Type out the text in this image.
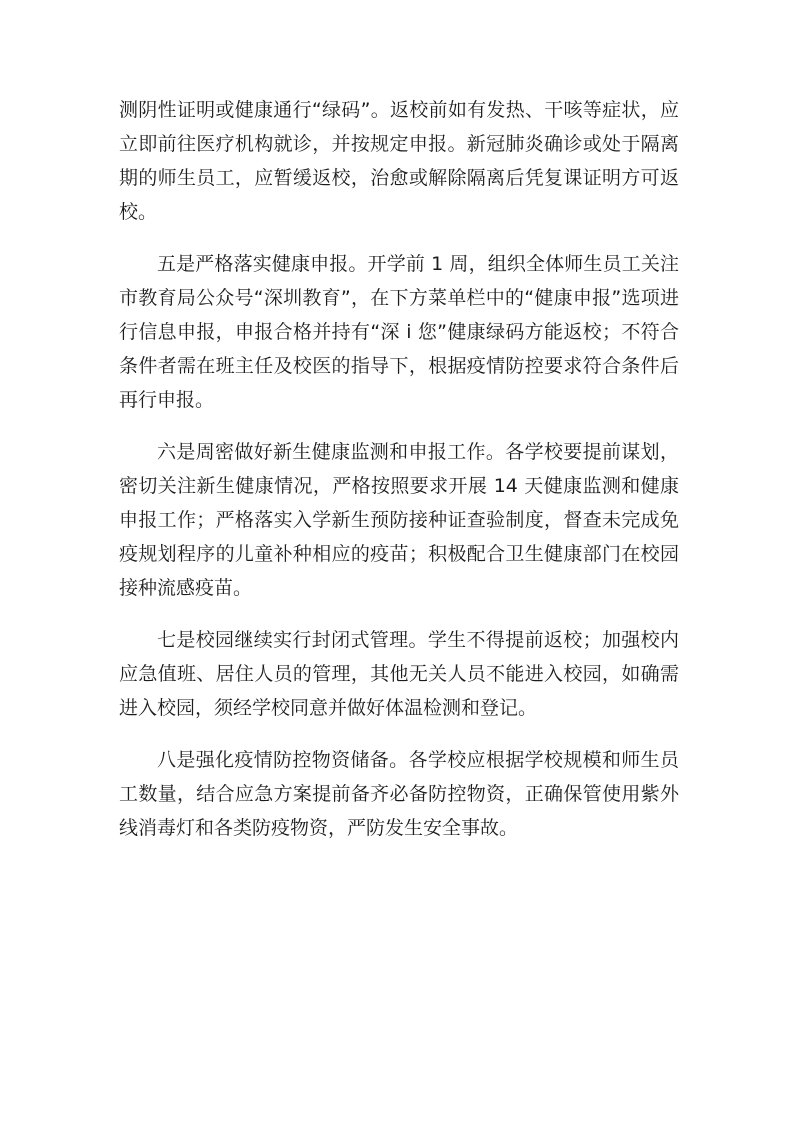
测阴性证明或健康通行“绿码”。返校前如有发热、干咳等症状，应立即前往医疗机构就诊，并按规定申报。新冠肺炎确诊或处于隔离期的师生员工，应暂缓返校，治愈或解除隔离后凭复课证明方可返校。

五是严格落实健康申报。开学前 1 周，组织全体师生员工关注市教育局公众号“深圳教育”，在下方菜单栏中的“健康申报”选项进行信息申报，申报合格并持有“深 i 您”健康绿码方能返校；不符合条件者需在班主任及校医的指导下，根据疫情防控要求符合条件后再行申报。

六是周密做好新生健康监测和申报工作。各学校要提前谋划，密切关注新生健康情况，严格按照要求开展 14 天健康监测和健康申报工作；严格落实入学新生预防接种证查验制度，督查未完成免疫规划程序的儿童补种相应的疫苗；积极配合卫生健康部门在校园接种流感疫苗。

七是校园继续实行封闭式管理。学生不得提前返校；加强校内应急值班、居住人员的管理，其他无关人员不能进入校园，如确需进入校园，须经学校同意并做好体温检测和登记。

八是强化疫情防控物资储备。各学校应根据学校规模和师生员工数量，结合应急方案提前备齐必备防控物资，正确保管使用紫外线消毒灯和各类防疫物资，严防发生安全事故。
